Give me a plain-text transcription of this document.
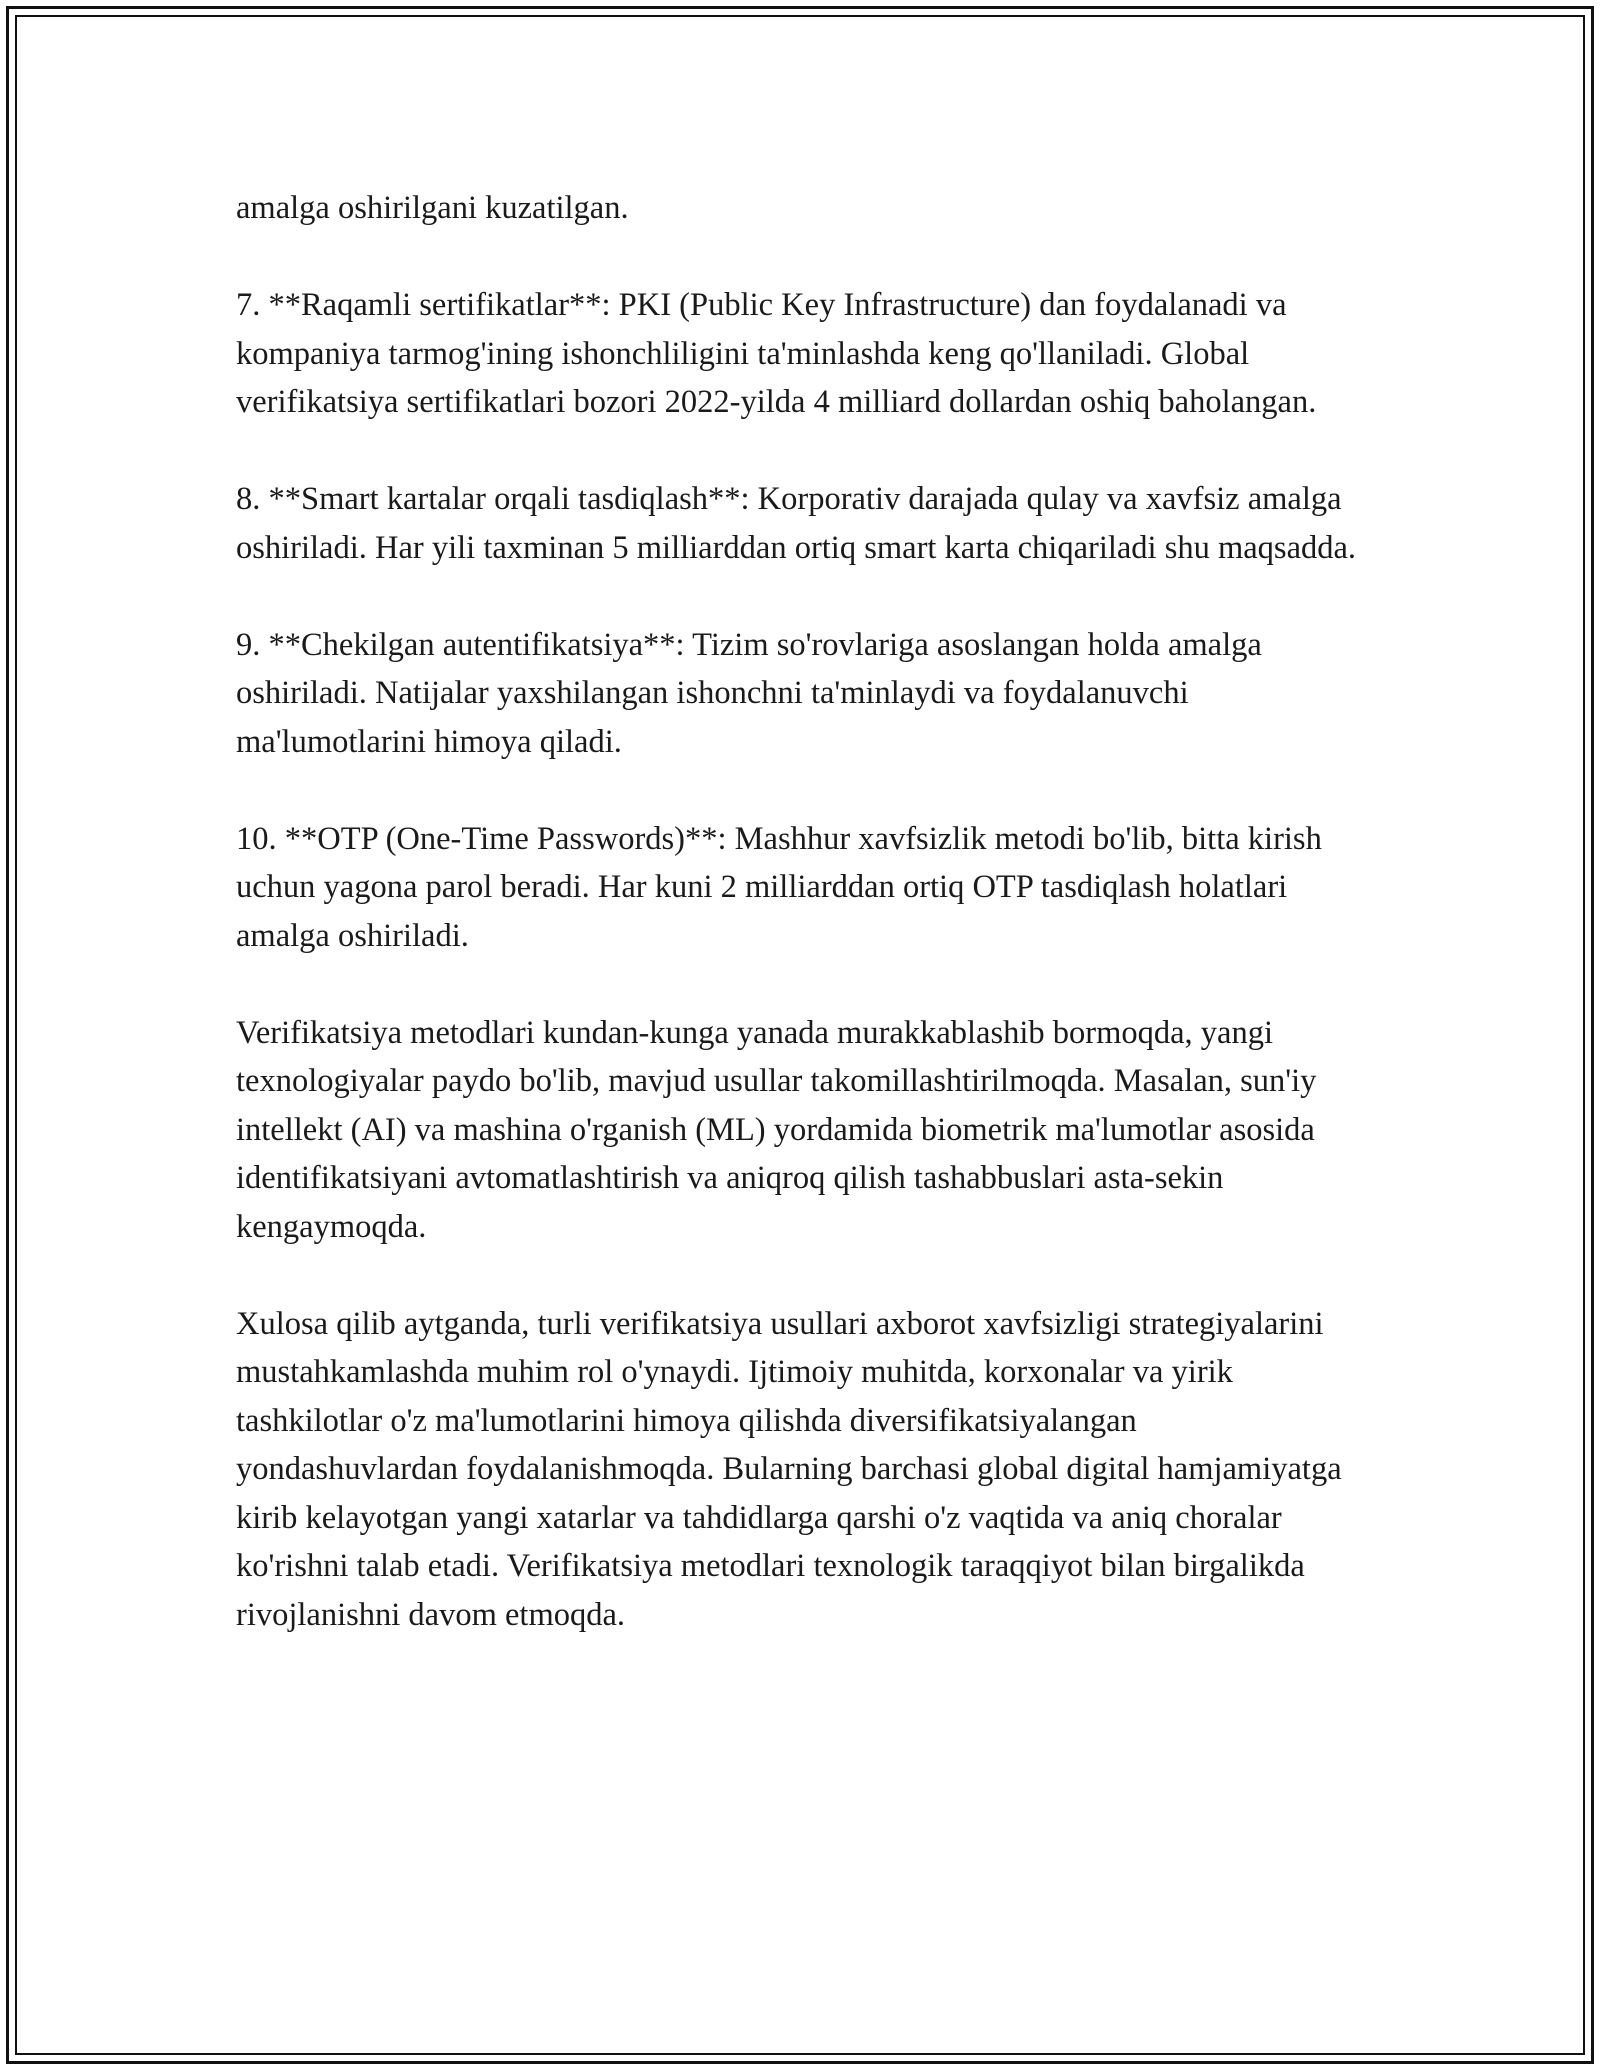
amalga oshirilgani kuzatilgan.

7. **Raqamli sertifikatlar**: PKI (Public Key Infrastructure) dan foydalanadi va kompaniya tarmog'ining ishonchliligini ta'minlashda keng qo'llaniladi. Global verifikatsiya sertifikatlari bozori 2022-yilda 4 milliard dollardan oshiq baholangan.

8. **Smart kartalar orqali tasdiqlash**: Korporativ darajada qulay va xavfsiz amalga oshiriladi. Har yili taxminan 5 milliarddan ortiq smart karta chiqariladi shu maqsadda.

9. **Chekilgan autentifikatsiya**: Tizim so'rovlariga asoslangan holda amalga oshiriladi. Natijalar yaxshilangan ishonchni ta'minlaydi va foydalanuvchi ma'lumotlarini himoya qiladi.

10. **OTP (One-Time Passwords)**: Mashhur xavfsizlik metodi bo'lib, bitta kirish uchun yagona parol beradi. Har kuni 2 milliarddan ortiq OTP tasdiqlash holatlari amalga oshiriladi.

Verifikatsiya metodlari kundan-kunga yanada murakkablashib bormoqda, yangi texnologiyalar paydo bo'lib, mavjud usullar takomillashtirilmoqda. Masalan, sun'iy intellekt (AI) va mashina o'rganish (ML) yordamida biometrik ma'lumotlar asosida identifikatsiyani avtomatlashtirish va aniqroq qilish tashabbuslari asta-sekin kengaymoqda.

Xulosa qilib aytganda, turli verifikatsiya usullari axborot xavfsizligi strategiyalarini mustahkamlashda muhim rol o'ynaydi. Ijtimoiy muhitda, korxonalar va yirik tashkilotlar o'z ma'lumotlarini himoya qilishda diversifikatsiyalangan yondashuvlardan foydalanishmoqda. Bularning barchasi global digital hamjamiyatga kirib kelayotgan yangi xatarlar va tahdidlarga qarshi o'z vaqtida va aniq choralar ko'rishni talab etadi. Verifikatsiya metodlari texnologik taraqqiyot bilan birgalikda rivojlanishni davom etmoqda.
